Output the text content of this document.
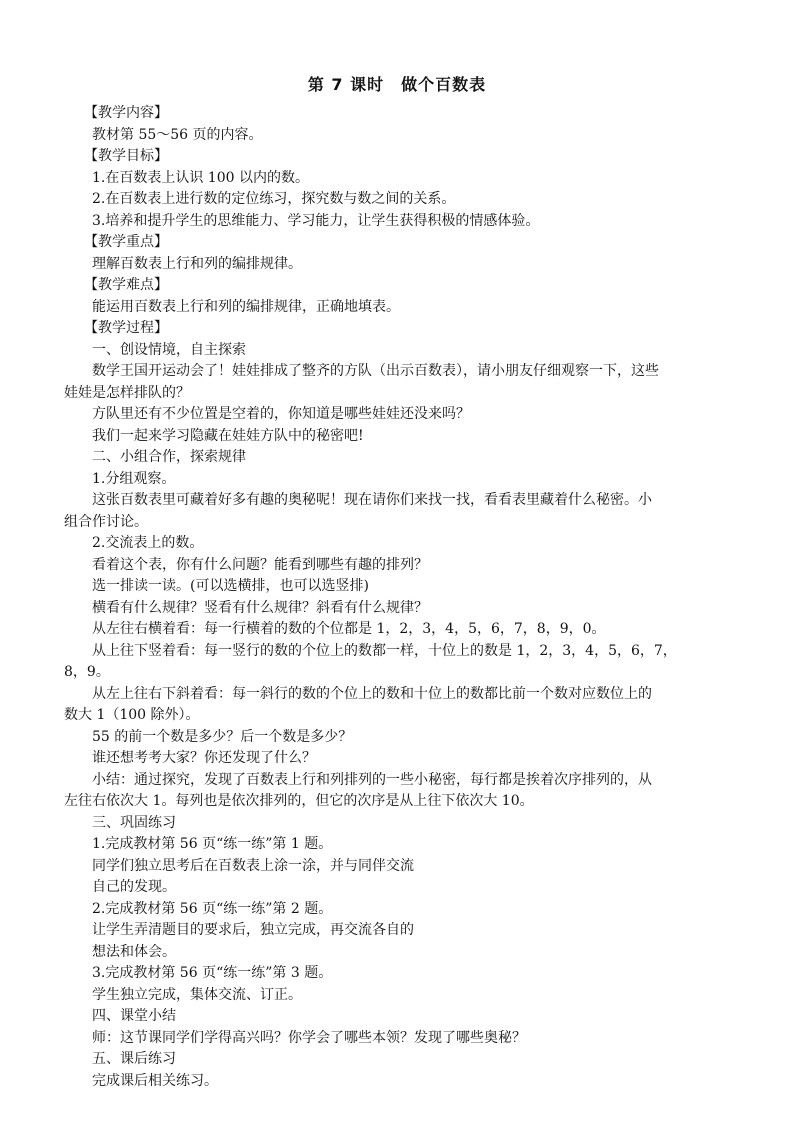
第 7 课时　做个百数表
【教学内容】
教材第 55～56 页的内容。
【教学目标】
1.在百数表上认识 100 以内的数。
2.在百数表上进行数的定位练习，探究数与数之间的关系。
3.培养和提升学生的思维能力、学习能力，让学生获得积极的情感体验。
【教学重点】
理解百数表上行和列的编排规律。
【教学难点】
能运用百数表上行和列的编排规律，正确地填表。
【教学过程】
一、创设情境，自主探索
数学王国开运动会了！娃娃排成了整齐的方队（出示百数表），请小朋友仔细观察一下，这些
娃娃是怎样排队的？
方队里还有不少位置是空着的，你知道是哪些娃娃还没来吗？
我们一起来学习隐藏在娃娃方队中的秘密吧!
二、小组合作，探索规律
1.分组观察。
这张百数表里可藏着好多有趣的奥秘呢！现在请你们来找一找，看看表里藏着什么秘密。小
组合作讨论。
2.交流表上的数。
看着这个表，你有什么问题？能看到哪些有趣的排列？
选一排读一读。(可以选横排，也可以选竖排)
横看有什么规律？竖看有什么规律？斜看有什么规律？
从左往右横着看：每一行横着的数的个位都是 1，2，3，4，5，6，7，8，9，0。
从上往下竖着看：每一竖行的数的个位上的数都一样，十位上的数是 1，2，3，4，5，6，7，
8，9。
从左上往右下斜着看：每一斜行的数的个位上的数和十位上的数都比前一个数对应数位上的
数大 1（100 除外）。
55 的前一个数是多少？后一个数是多少？
谁还想考考大家？你还发现了什么？
小结：通过探究，发现了百数表上行和列排列的一些小秘密，每行都是挨着次序排列的，从
左往右依次大 1。每列也是依次排列的，但它的次序是从上往下依次大 10。
三、巩固练习
1.完成教材第 56 页“练一练”第 1 题。
同学们独立思考后在百数表上涂一涂，并与同伴交流
自己的发现。
2.完成教材第 56 页“练一练”第 2 题。
让学生弄清题目的要求后，独立完成，再交流各自的
想法和体会。
3.完成教材第 56 页“练一练”第 3 题。
学生独立完成，集体交流、订正。
四、课堂小结
师：这节课同学们学得高兴吗？你学会了哪些本领？发现了哪些奥秘？
五、课后练习
完成课后相关练习。
